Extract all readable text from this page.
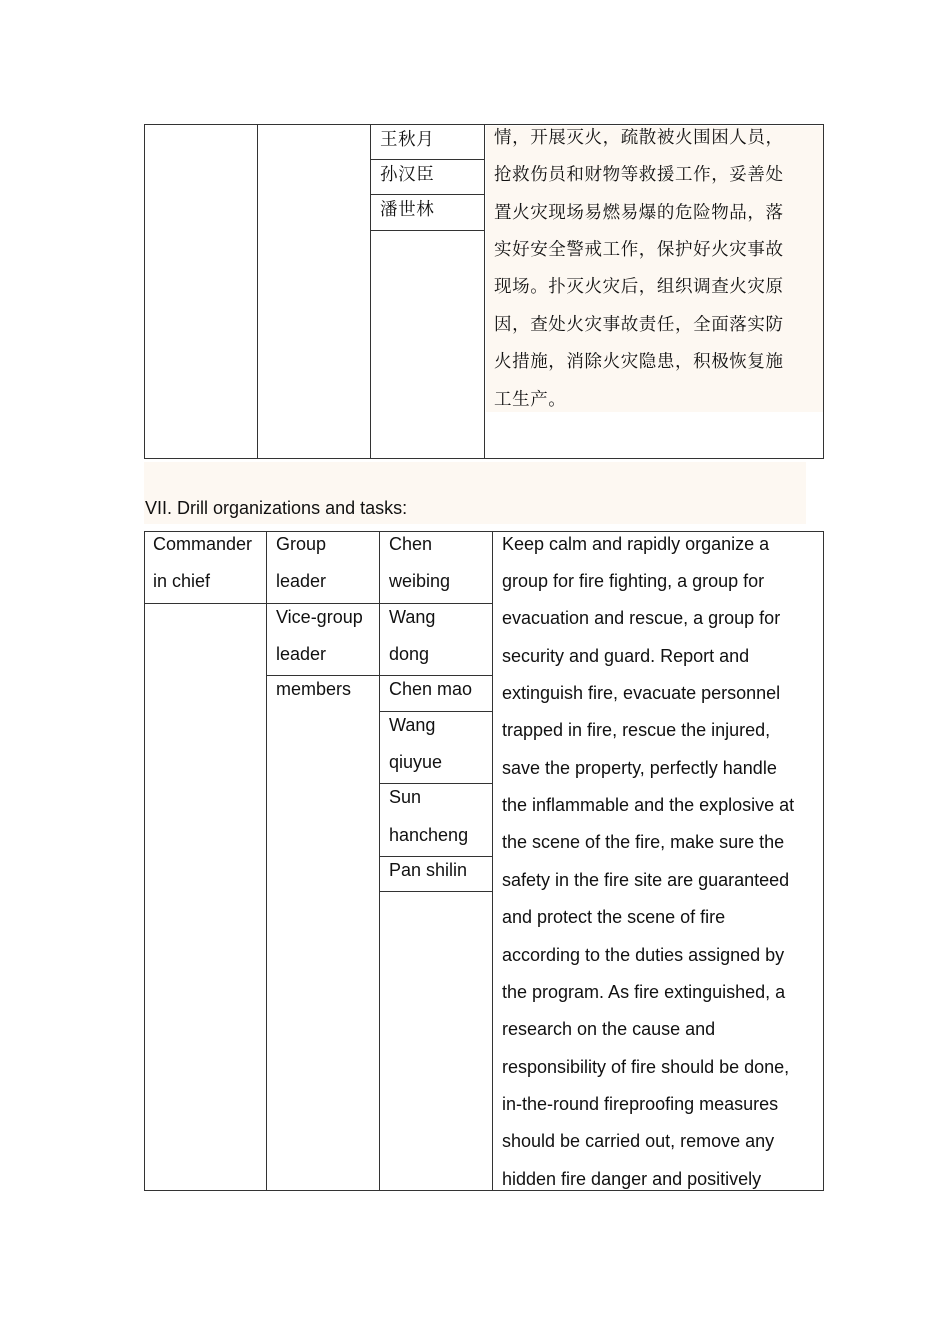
王秋月
孙汉臣
潘世林
情，开展灭火，疏散被火围困人员，
抢救伤员和财物等救援工作，妥善处
置火灾现场易燃易爆的危险物品，落
实好安全警戒工作，保护好火灾事故
现场。扑灭火灾后，组织调查火灾原
因，查处火灾事故责任，全面落实防
火措施，消除火灾隐患，积极恢复施
工生产。
VII. Drill organizations and tasks:
Commander
in chief
Group
leader
Vice-group
leader
members
Chen
weibing
Wang
dong
Chen mao
Wang
qiuyue
Sun
hancheng
Pan shilin
Keep calm and rapidly organize a
group for fire fighting, a group for
evacuation and rescue, a group for
security and guard. Report and
extinguish fire, evacuate personnel
trapped in fire, rescue the injured,
save the property, perfectly handle
the inflammable and the explosive at
the scene of the fire, make sure the
safety in the fire site are guaranteed
and protect the scene of fire
according to the duties assigned by
the program. As fire extinguished, a
research on the cause and
responsibility of fire should be done,
in-the-round fireproofing measures
should be carried out, remove any
hidden fire danger and positively
